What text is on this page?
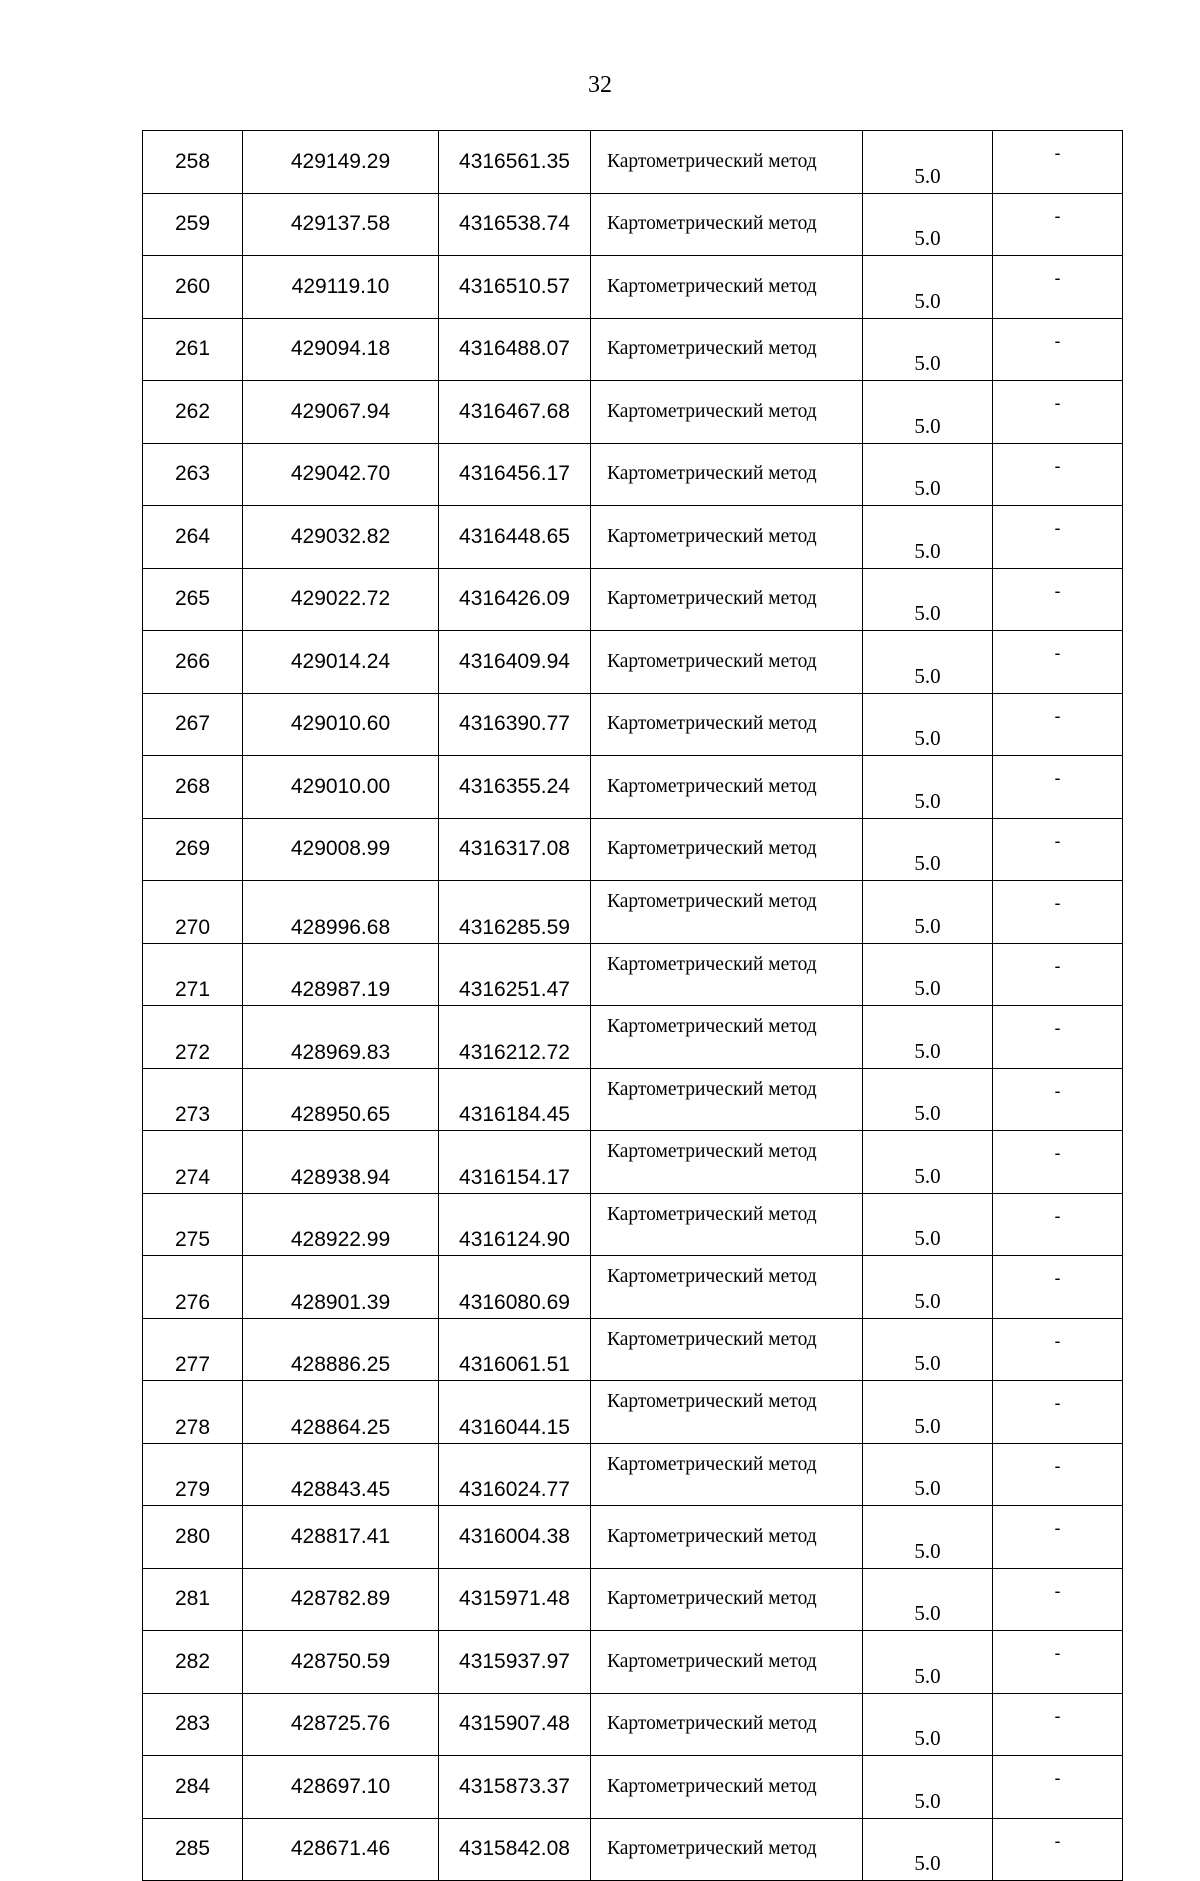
32
258	429149.29	4316561.35	Картометрический метод	5.0	-
259	429137.58	4316538.74	Картометрический метод	5.0	-
260	429119.10	4316510.57	Картометрический метод	5.0	-
261	429094.18	4316488.07	Картометрический метод	5.0	-
262	429067.94	4316467.68	Картометрический метод	5.0	-
263	429042.70	4316456.17	Картометрический метод	5.0	-
264	429032.82	4316448.65	Картометрический метод	5.0	-
265	429022.72	4316426.09	Картометрический метод	5.0	-
266	429014.24	4316409.94	Картометрический метод	5.0	-
267	429010.60	4316390.77	Картометрический метод	5.0	-
268	429010.00	4316355.24	Картометрический метод	5.0	-
269	429008.99	4316317.08	Картометрический метод	5.0	-
270	428996.68	4316285.59	Картометрический метод	5.0	-
271	428987.19	4316251.47	Картометрический метод	5.0	-
272	428969.83	4316212.72	Картометрический метод	5.0	-
273	428950.65	4316184.45	Картометрический метод	5.0	-
274	428938.94	4316154.17	Картометрический метод	5.0	-
275	428922.99	4316124.90	Картометрический метод	5.0	-
276	428901.39	4316080.69	Картометрический метод	5.0	-
277	428886.25	4316061.51	Картометрический метод	5.0	-
278	428864.25	4316044.15	Картометрический метод	5.0	-
279	428843.45	4316024.77	Картометрический метод	5.0	-
280	428817.41	4316004.38	Картометрический метод	5.0	-
281	428782.89	4315971.48	Картометрический метод	5.0	-
282	428750.59	4315937.97	Картометрический метод	5.0	-
283	428725.76	4315907.48	Картометрический метод	5.0	-
284	428697.10	4315873.37	Картометрический метод	5.0	-
285	428671.46	4315842.08	Картометрический метод	5.0	-
